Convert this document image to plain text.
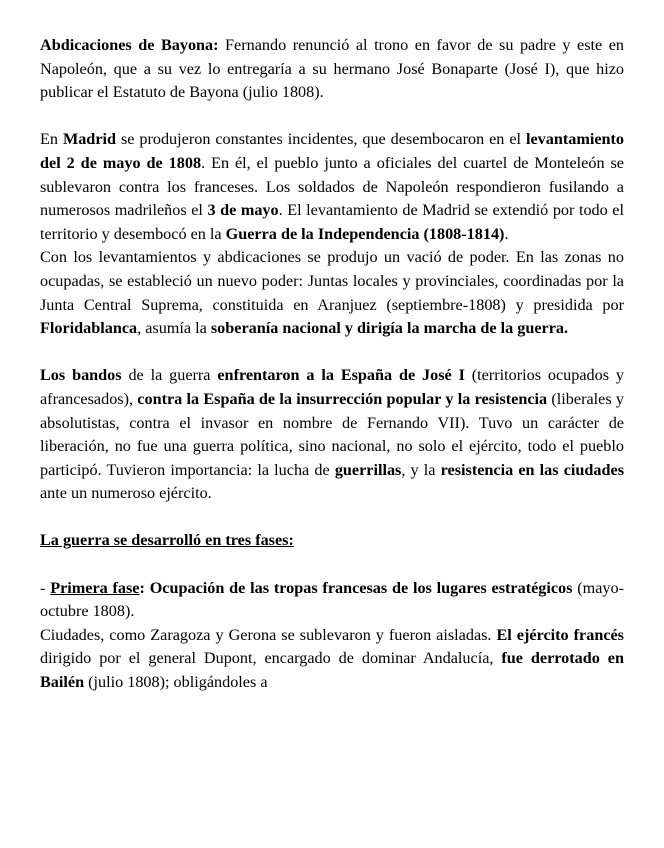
Abdicaciones de Bayona: Fernando renunció al trono en favor de su padre y este en Napoleón, que a su vez lo entregaría a su hermano José Bonaparte (José I), que hizo publicar el Estatuto de Bayona (julio 1808).

En Madrid se produjeron constantes incidentes, que desembocaron en el levantamiento del 2 de mayo de 1808. En él, el pueblo junto a oficiales del cuartel de Monteleón se sublevaron contra los franceses. Los soldados de Napoleón respondieron fusilando a numerosos madrileños el 3 de mayo. El levantamiento de Madrid se extendió por todo el territorio y desembocó en la Guerra de la Independencia (1808-1814).

Con los levantamientos y abdicaciones se produjo un vació de poder. En las zonas no ocupadas, se estableció un nuevo poder: Juntas locales y provinciales, coordinadas por la Junta Central Suprema, constituida en Aranjuez (septiembre-1808) y presidida por Floridablanca, asumía la soberanía nacional y dirigía la marcha de la guerra.

Los bandos de la guerra enfrentaron a la España de José I (territorios ocupados y afrancesados), contra la España de la insurrección popular y la resistencia (liberales y absolutistas, contra el invasor en nombre de Fernando VII). Tuvo un carácter de liberación, no fue una guerra política, sino nacional, no solo el ejército, todo el pueblo participó. Tuvieron importancia: la lucha de guerrillas, y la resistencia en las ciudades ante un numeroso ejército.

La guerra se desarrolló en tres fases:

- Primera fase: Ocupación de las tropas francesas de los lugares estratégicos (mayo-octubre 1808).

Ciudades, como Zaragoza y Gerona se sublevaron y fueron aisladas. El ejército francés dirigido por el general Dupont, encargado de dominar Andalucía, fue derrotado en Bailén (julio 1808); obligándoles a
